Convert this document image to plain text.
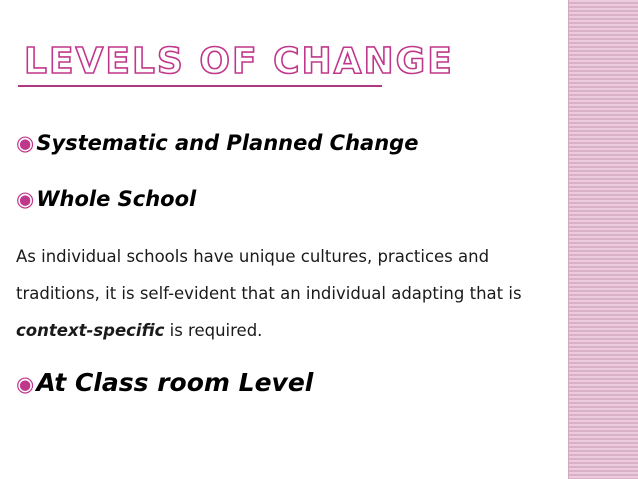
LEVELS OF CHANGE
◉Systematic and Planned Change
◉Whole School

As individual schools have unique cultures, practices and traditions, it is self-evident that an individual adapting that is context-specific is required.

◉At Class room Level
